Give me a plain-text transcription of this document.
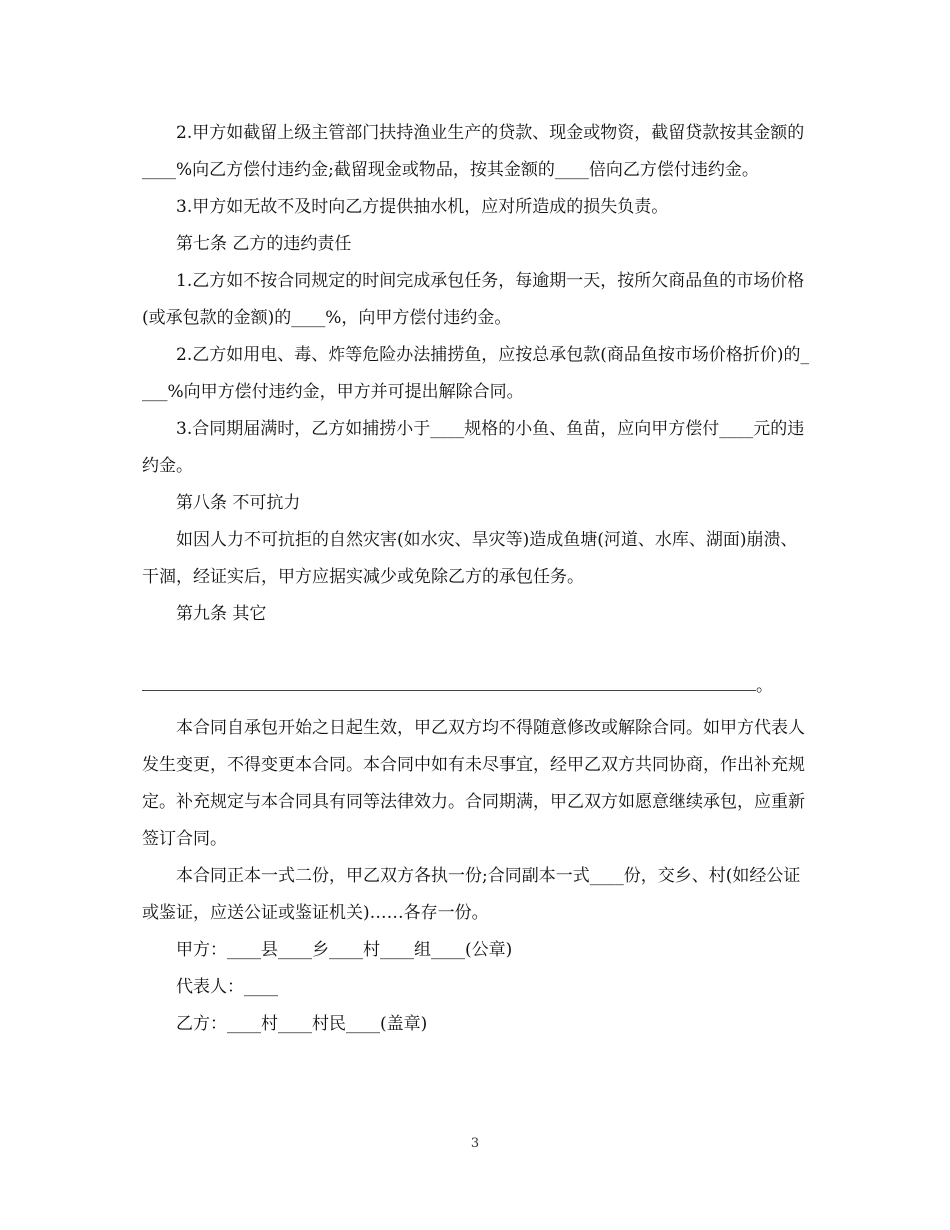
2.甲方如截留上级主管部门扶持渔业生产的贷款、现金或物资，截留贷款按其金额的____%向乙方偿付违约金;截留现金或物品，按其金额的____倍向乙方偿付违约金。

3.甲方如无故不及时向乙方提供抽水机，应对所造成的损失负责。

第七条 乙方的违约责任

1.乙方如不按合同规定的时间完成承包任务，每逾期一天，按所欠商品鱼的市场价格(或承包款的金额)的____%，向甲方偿付违约金。

2.乙方如用电、毒、炸等危险办法捕捞鱼，应按总承包款(商品鱼按市场价格折价)的____%向甲方偿付违约金，甲方并可提出解除合同。

3.合同期届满时，乙方如捕捞小于____规格的小鱼、鱼苗，应向甲方偿付____元的违约金。

第八条 不可抗力

如因人力不可抗拒的自然灾害(如水灾、旱灾等)造成鱼塘(河道、水库、湖面)崩溃、干涸，经证实后，甲方应据实减少或免除乙方的承包任务。

第九条 其它

。

本合同自承包开始之日起生效，甲乙双方均不得随意修改或解除合同。如甲方代表人发生变更，不得变更本合同。本合同中如有未尽事宜，经甲乙双方共同协商，作出补充规定。补充规定与本合同具有同等法律效力。合同期满，甲乙双方如愿意继续承包，应重新签订合同。

本合同正本一式二份，甲乙双方各执一份;合同副本一式____份，交乡、村(如经公证或鉴证，应送公证或鉴证机关)……各存一份。

甲方：____县____乡____村____组____(公章)

代表人：____

乙方：____村____村民____(盖章)

3
